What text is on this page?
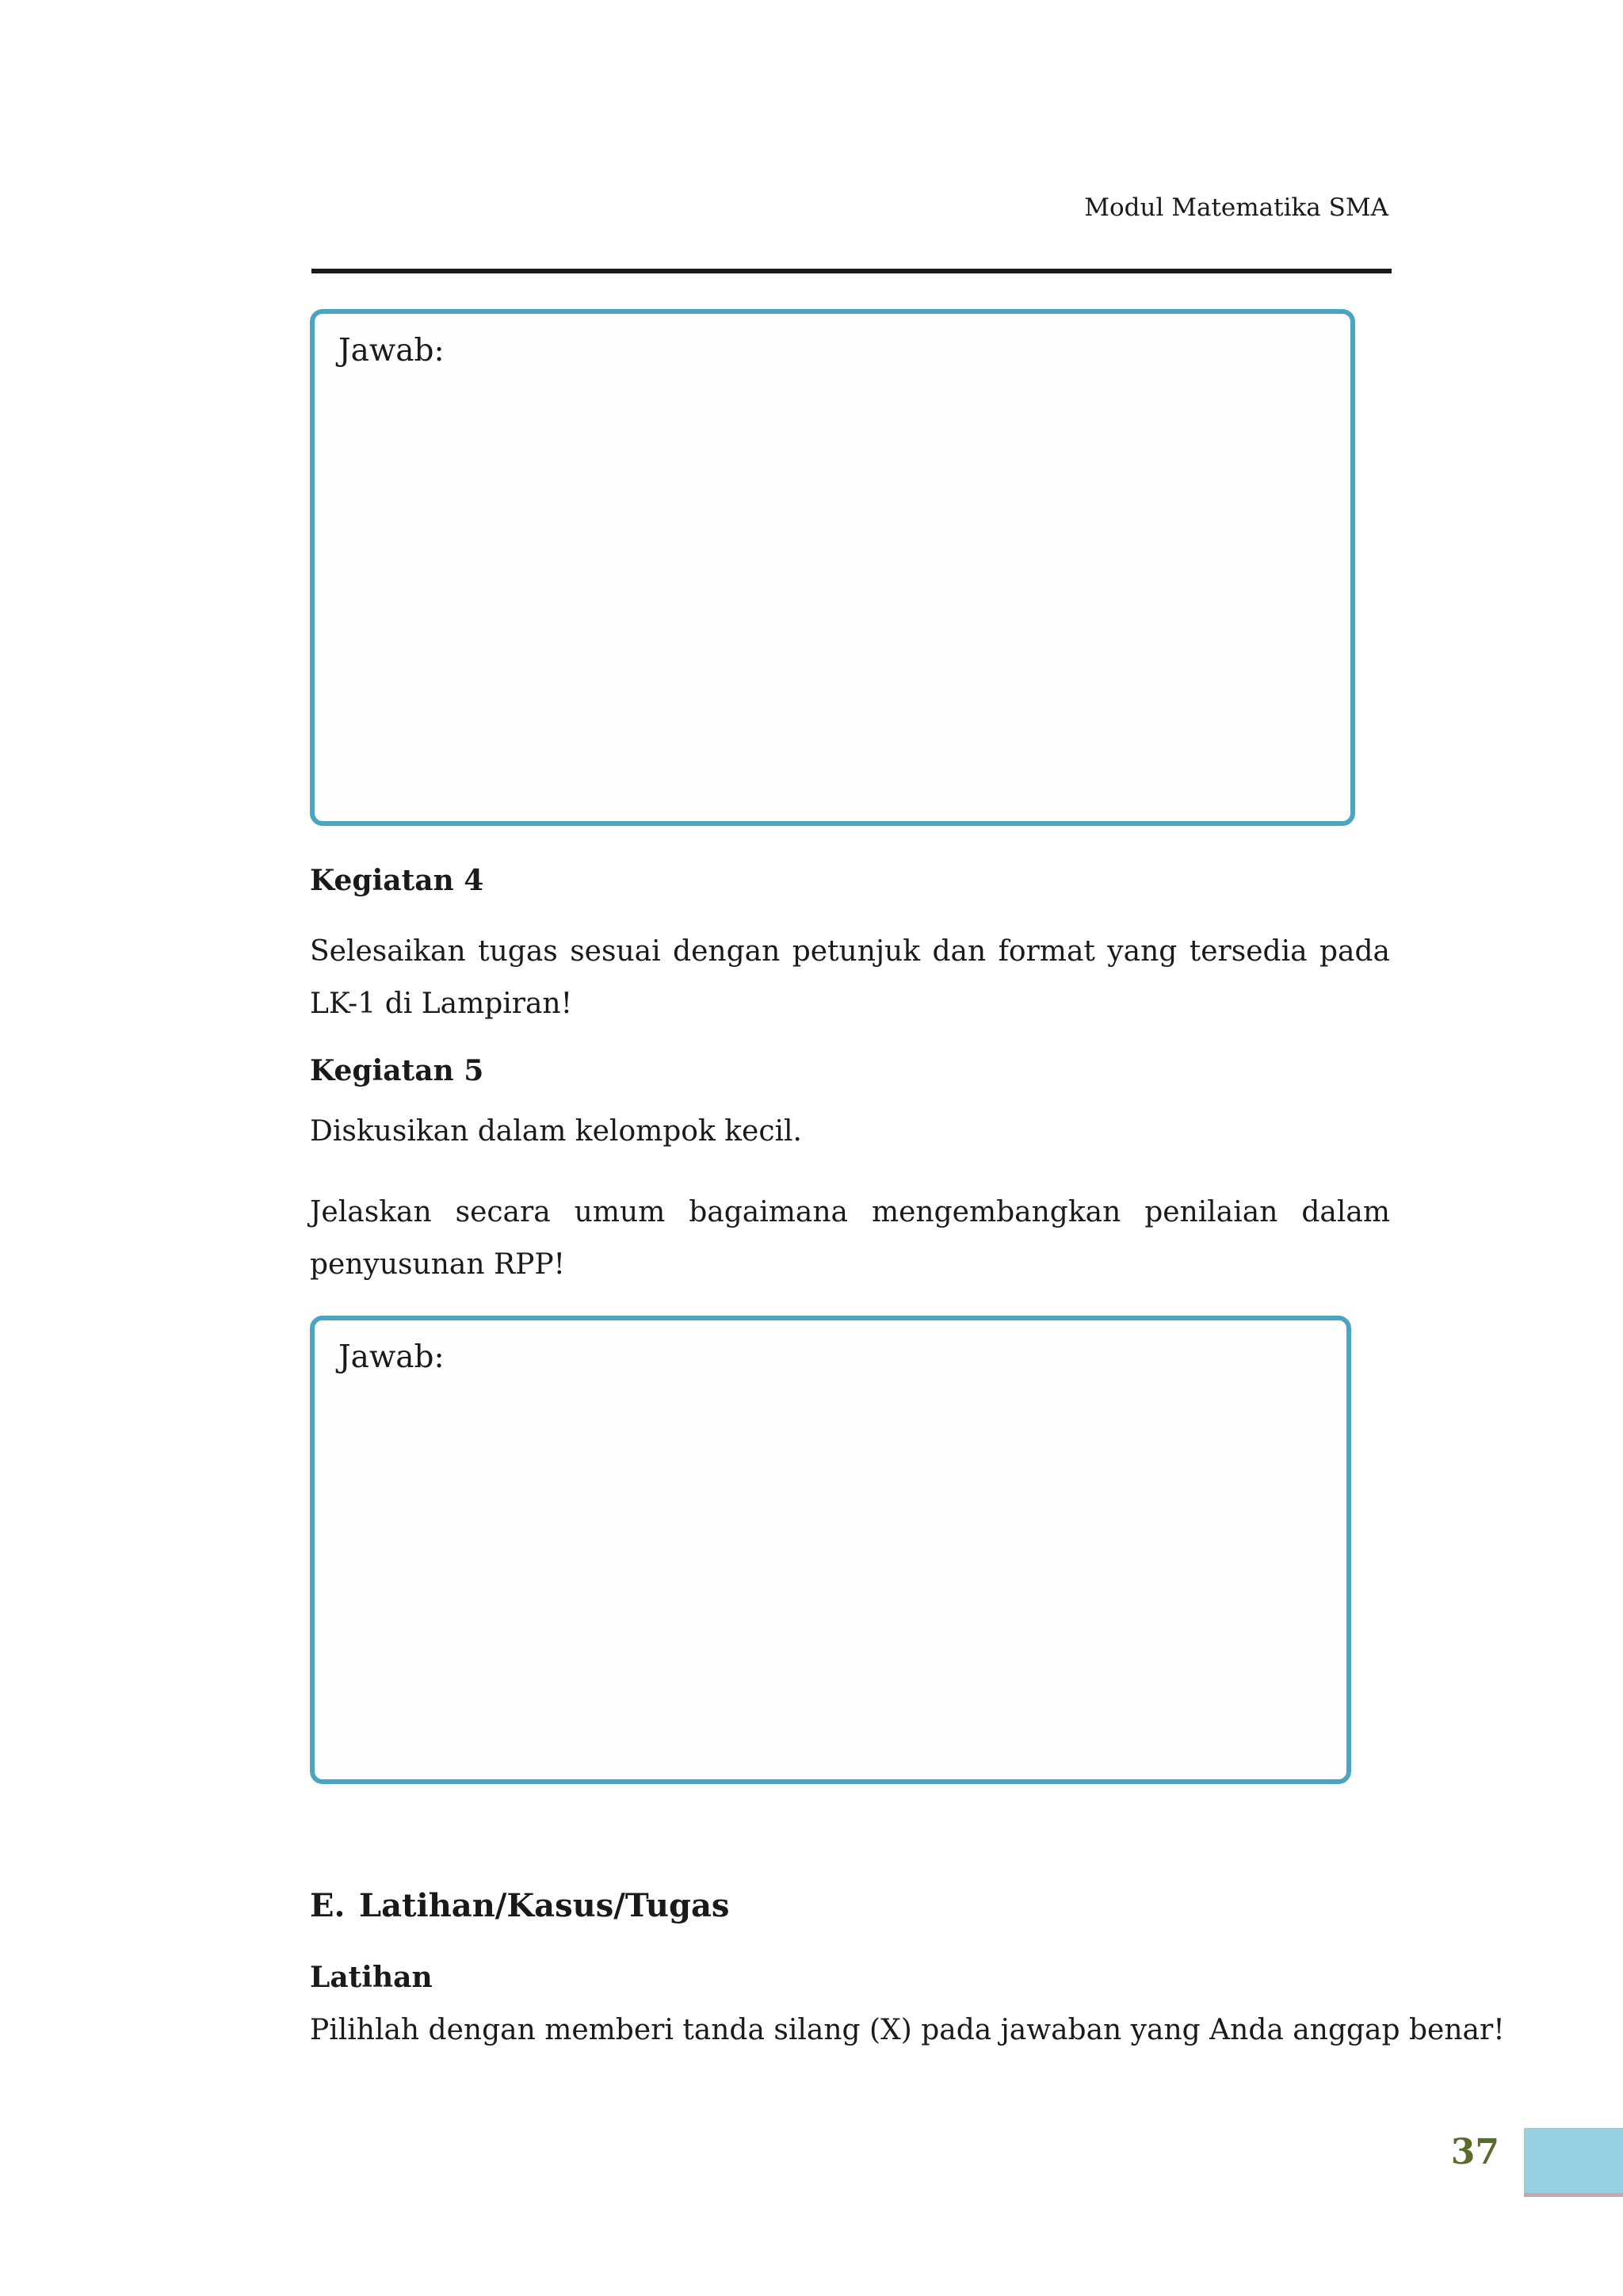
Modul Matematika SMA
Jawab:
Kegiatan 4
Selesaikan tugas sesuai dengan petunjuk dan format yang tersedia pada LK-1 di Lampiran!
Kegiatan 5
Diskusikan dalam kelompok kecil.
Jelaskan secara umum bagaimana mengembangkan penilaian dalam penyusunan RPP!
Jawab:
E. Latihan/Kasus/Tugas
Latihan
Pilihlah dengan memberi tanda silang (X) pada jawaban yang Anda anggap benar!
37
